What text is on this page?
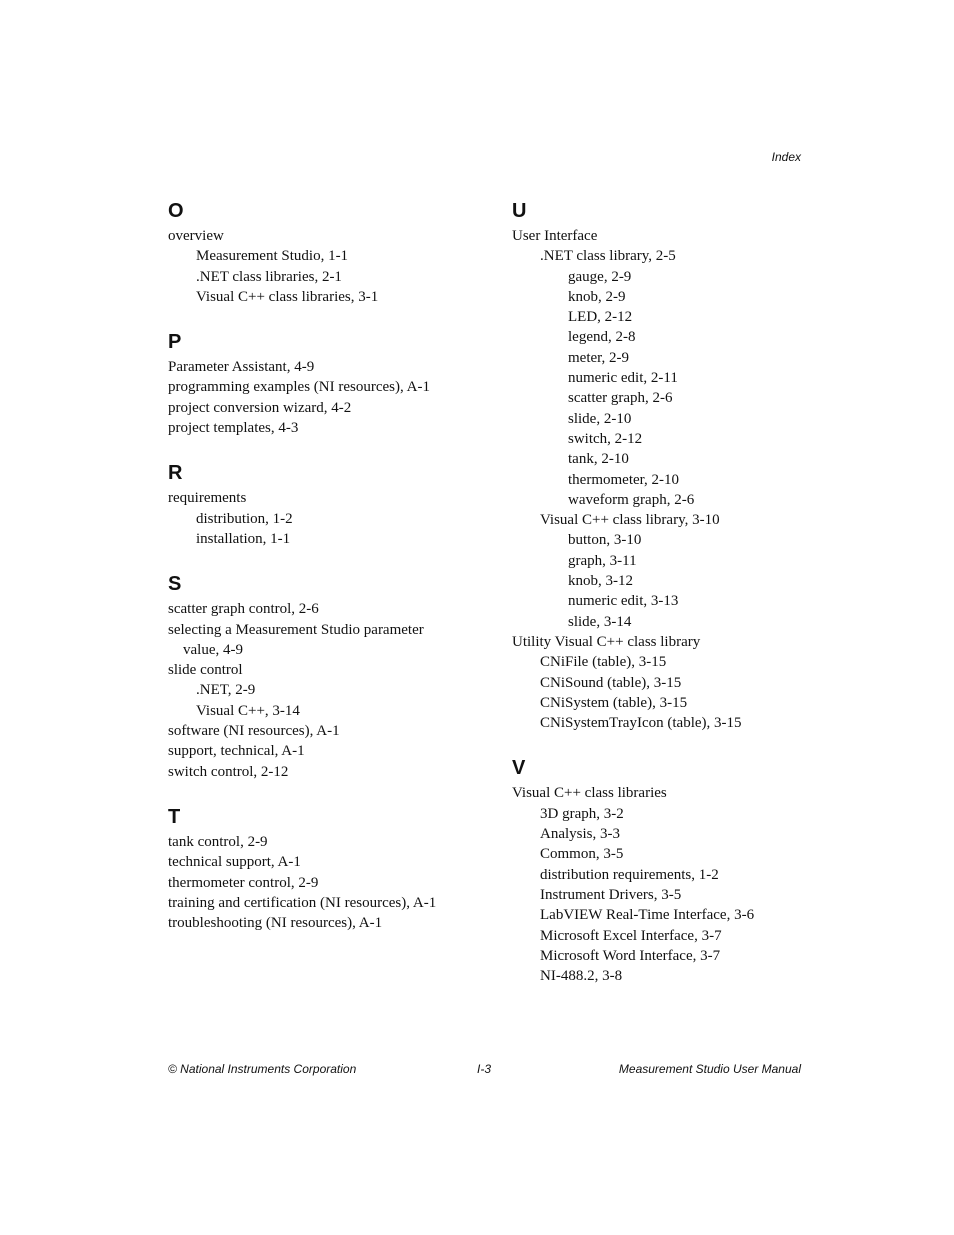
Index
O
overview
Measurement Studio, 1-1
.NET class libraries, 2-1
Visual C++ class libraries, 3-1
P
Parameter Assistant, 4-9
programming examples (NI resources), A-1
project conversion wizard, 4-2
project templates, 4-3
R
requirements
distribution, 1-2
installation, 1-1
S
scatter graph control, 2-6
selecting a Measurement Studio parameter
value, 4-9
slide control
.NET, 2-9
Visual C++, 3-14
software (NI resources), A-1
support, technical, A-1
switch control, 2-12
T
tank control, 2-9
technical support, A-1
thermometer control, 2-9
training and certification (NI resources), A-1
troubleshooting (NI resources), A-1
U
User Interface
.NET class library, 2-5
gauge, 2-9
knob, 2-9
LED, 2-12
legend, 2-8
meter, 2-9
numeric edit, 2-11
scatter graph, 2-6
slide, 2-10
switch, 2-12
tank, 2-10
thermometer, 2-10
waveform graph, 2-6
Visual C++ class library, 3-10
button, 3-10
graph, 3-11
knob, 3-12
numeric edit, 3-13
slide, 3-14
Utility Visual C++ class library
CNiFile (table), 3-15
CNiSound (table), 3-15
CNiSystem (table), 3-15
CNiSystemTrayIcon (table), 3-15
V
Visual C++ class libraries
3D graph, 3-2
Analysis, 3-3
Common, 3-5
distribution requirements, 1-2
Instrument Drivers, 3-5
LabVIEW Real-Time Interface, 3-6
Microsoft Excel Interface, 3-7
Microsoft Word Interface, 3-7
NI-488.2, 3-8
© National Instruments Corporation	I-3	Measurement Studio User Manual
